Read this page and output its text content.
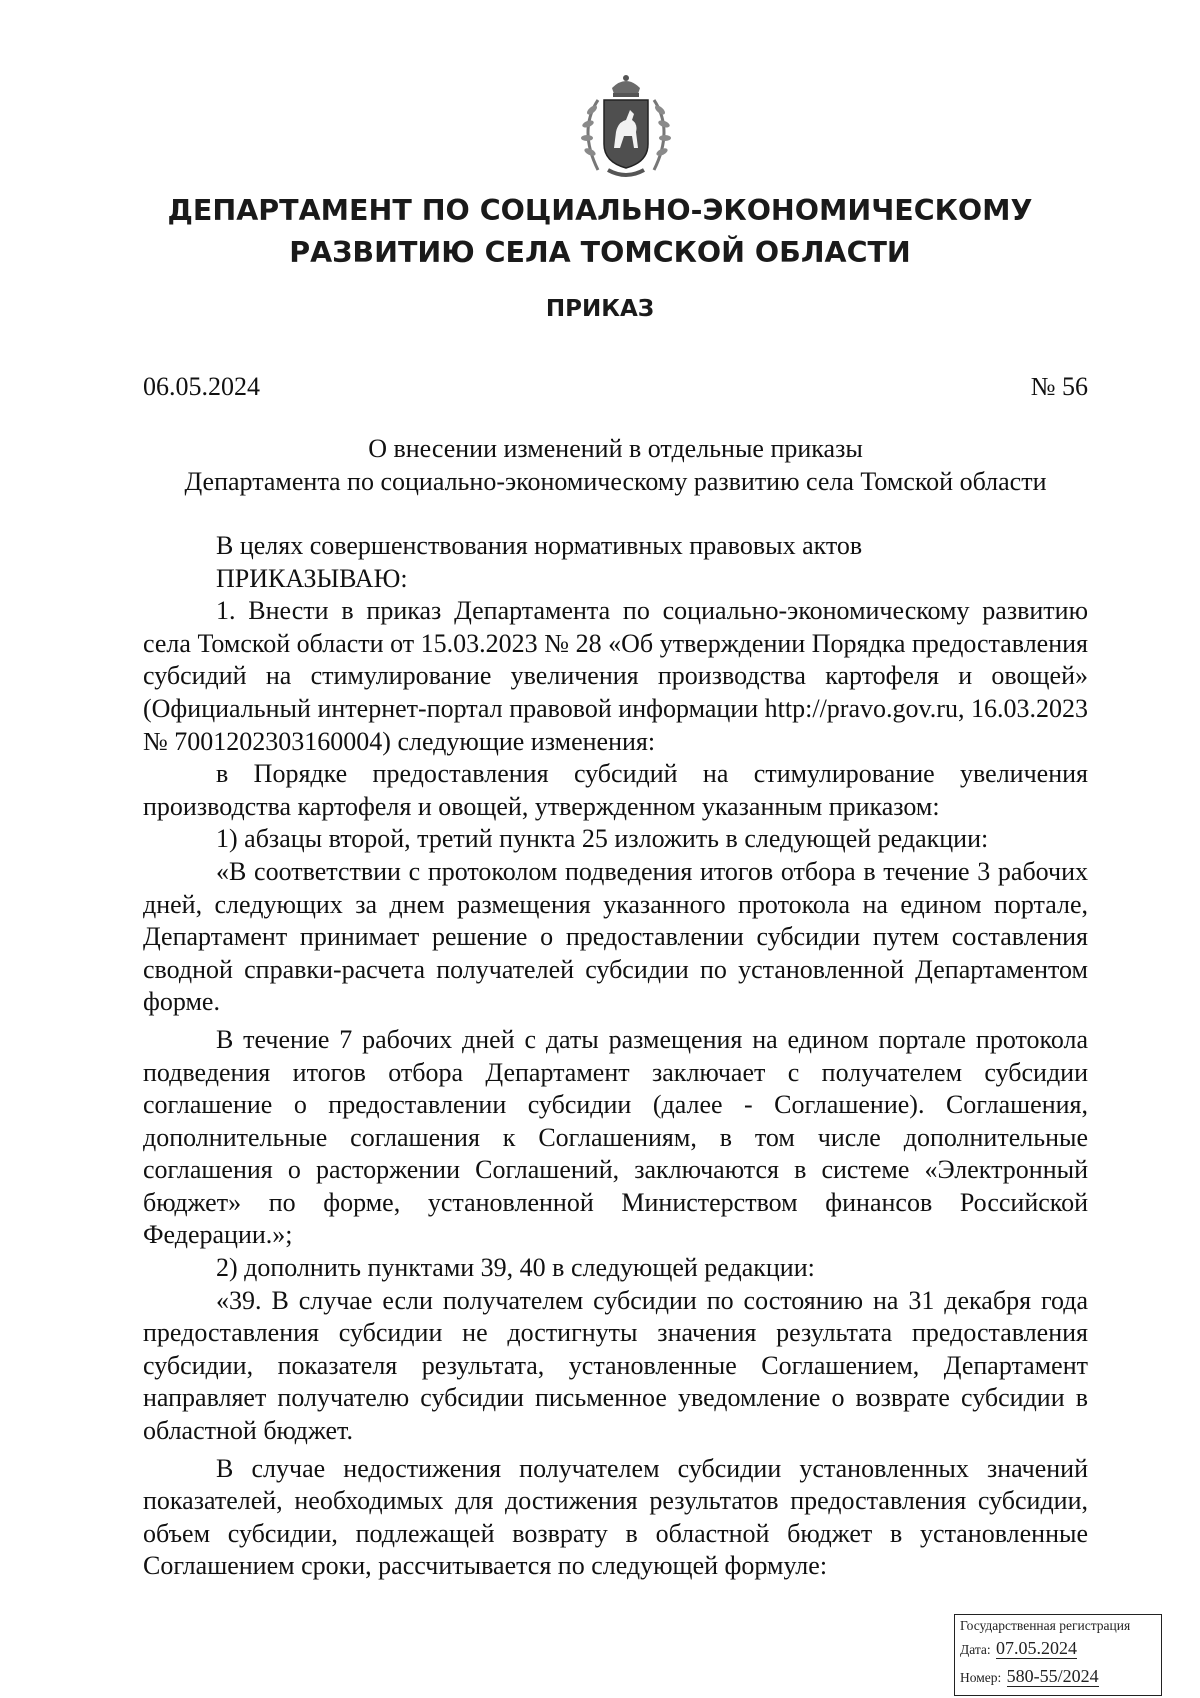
ДЕПАРТАМЕНТ ПО СОЦИАЛЬНО-ЭКОНОМИЧЕСКОМУ
РАЗВИТИЮ СЕЛА ТОМСКОЙ ОБЛАСТИ
ПРИКАЗ
06.05.2024	№ 56
О внесении изменений в отдельные приказы
Департамента по социально-экономическому развитию села Томской области

В целях совершенствования нормативных правовых актов

ПРИКАЗЫВАЮ:

1. Внести в приказ Департамента по социально-экономическому развитию села Томской области от 15.03.2023 № 28 «Об утверждении Порядка предоставления субсидий на стимулирование увеличения производства картофеля и овощей» (Официальный интернет-портал правовой информации http://pravo.gov.ru, 16.03.2023 № 7001202303160004) следующие изменения:

в Порядке предоставления субсидий на стимулирование увеличения производства картофеля и овощей, утвержденном указанным приказом:

1) абзацы второй, третий пункта 25 изложить в следующей редакции:

«В соответствии с протоколом подведения итогов отбора в течение 3 рабочих дней, следующих за днем размещения указанного протокола на едином портале, Департамент принимает решение о предоставлении субсидии путем составления сводной справки-расчета получателей субсидии по установленной Департаментом форме.

В течение 7 рабочих дней с даты размещения на едином портале протокола подведения итогов отбора Департамент заключает с получателем субсидии соглашение о предоставлении субсидии (далее - Соглашение). Соглашения, дополнительные соглашения к Соглашениям, в том числе дополнительные соглашения о расторжении Соглашений, заключаются в системе «Электронный бюджет» по форме, установленной Министерством финансов Российской Федерации.»;

2) дополнить пунктами 39, 40 в следующей редакции:

«39. В случае если получателем субсидии по состоянию на 31 декабря года предоставления субсидии не достигнуты значения результата предоставления субсидии, показателя результата, установленные Соглашением, Департамент направляет получателю субсидии письменное уведомление о возврате субсидии в областной бюджет.

В случае недостижения получателем субсидии установленных значений показателей, необходимых для достижения результатов предоставления субсидии, объем субсидии, подлежащей возврату в областной бюджет в установленные Соглашением сроки, рассчитывается по следующей формуле:

Государственная регистрация
Дата: 07.05.2024
Номер: 580-55/2024
